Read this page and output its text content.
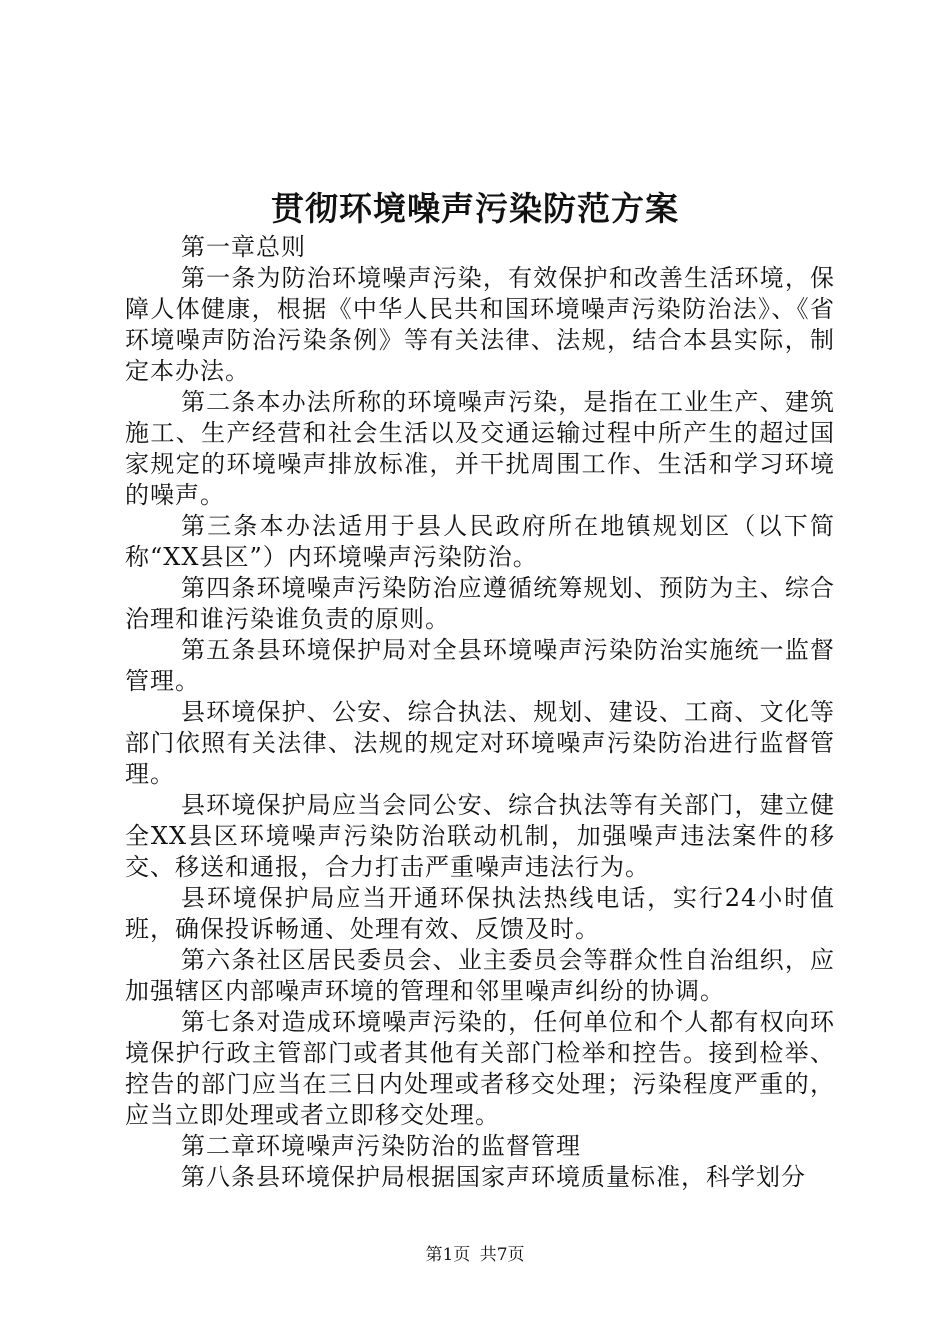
贯彻环境噪声污染防范方案

第一章总则

第一条为防治环境噪声污染，有效保护和改善生活环境，保障人体健康，根据《中华人民共和国环境噪声污染防治法》、《省环境噪声防治污染条例》等有关法律、法规，结合本县实际，制定本办法。

第二条本办法所称的环境噪声污染，是指在工业生产、建筑施工、生产经营和社会生活以及交通运输过程中所产生的超过国家规定的环境噪声排放标准，并干扰周围工作、生活和学习环境的噪声。

第三条本办法适用于县人民政府所在地镇规划区（以下简称“XX县区”）内环境噪声污染防治。

第四条环境噪声污染防治应遵循统筹规划、预防为主、综合治理和谁污染谁负责的原则。

第五条县环境保护局对全县环境噪声污染防治实施统一监督管理。

县环境保护、公安、综合执法、规划、建设、工商、文化等部门依照有关法律、法规的规定对环境噪声污染防治进行监督管理。

县环境保护局应当会同公安、综合执法等有关部门，建立健全XX县区环境噪声污染防治联动机制，加强噪声违法案件的移交、移送和通报，合力打击严重噪声违法行为。

县环境保护局应当开通环保执法热线电话，实行24小时值班，确保投诉畅通、处理有效、反馈及时。

第六条社区居民委员会、业主委员会等群众性自治组织，应加强辖区内部噪声环境的管理和邻里噪声纠纷的协调。

第七条对造成环境噪声污染的，任何单位和个人都有权向环境保护行政主管部门或者其他有关部门检举和控告。接到检举、控告的部门应当在三日内处理或者移交处理；污染程度严重的，应当立即处理或者立即移交处理。

第二章环境噪声污染防治的监督管理

第八条县环境保护局根据国家声环境质量标准，科学划分

第1页 共7页
